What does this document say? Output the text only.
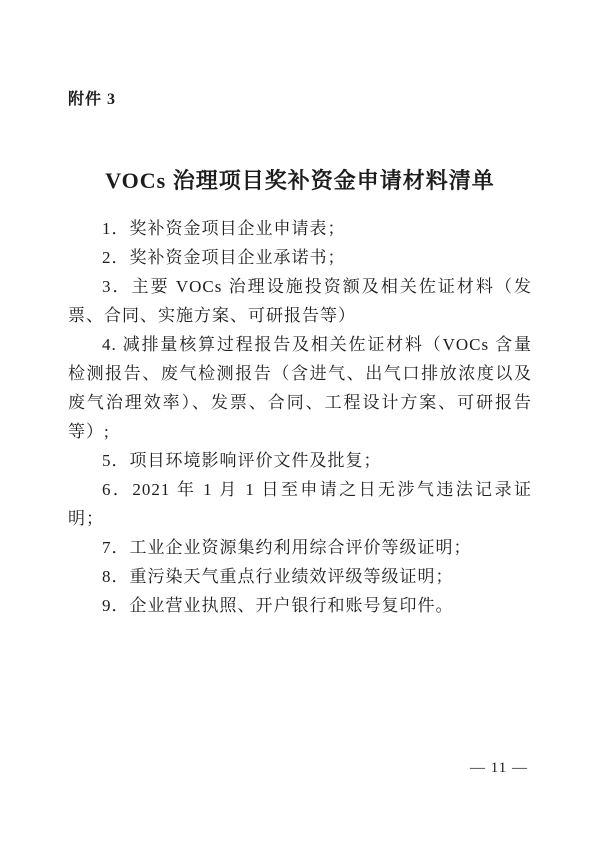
附件 3
VOCs 治理项目奖补资金申请材料清单

1．奖补资金项目企业申请表；

2．奖补资金项目企业承诺书；

3．主要 VOCs 治理设施投资额及相关佐证材料（发票、合同、实施方案、可研报告等）

4. 减排量核算过程报告及相关佐证材料（VOCs 含量检测报告、废气检测报告（含进气、出气口排放浓度以及废气治理效率）、发票、合同、工程设计方案、可研报告等）;

5．项目环境影响评价文件及批复；

6．2021 年 1 月 1 日至申请之日无涉气违法记录证明；

7．工业企业资源集约利用综合评价等级证明；

8．重污染天气重点行业绩效评级等级证明；

9．企业营业执照、开户银行和账号复印件。

— 11 —
